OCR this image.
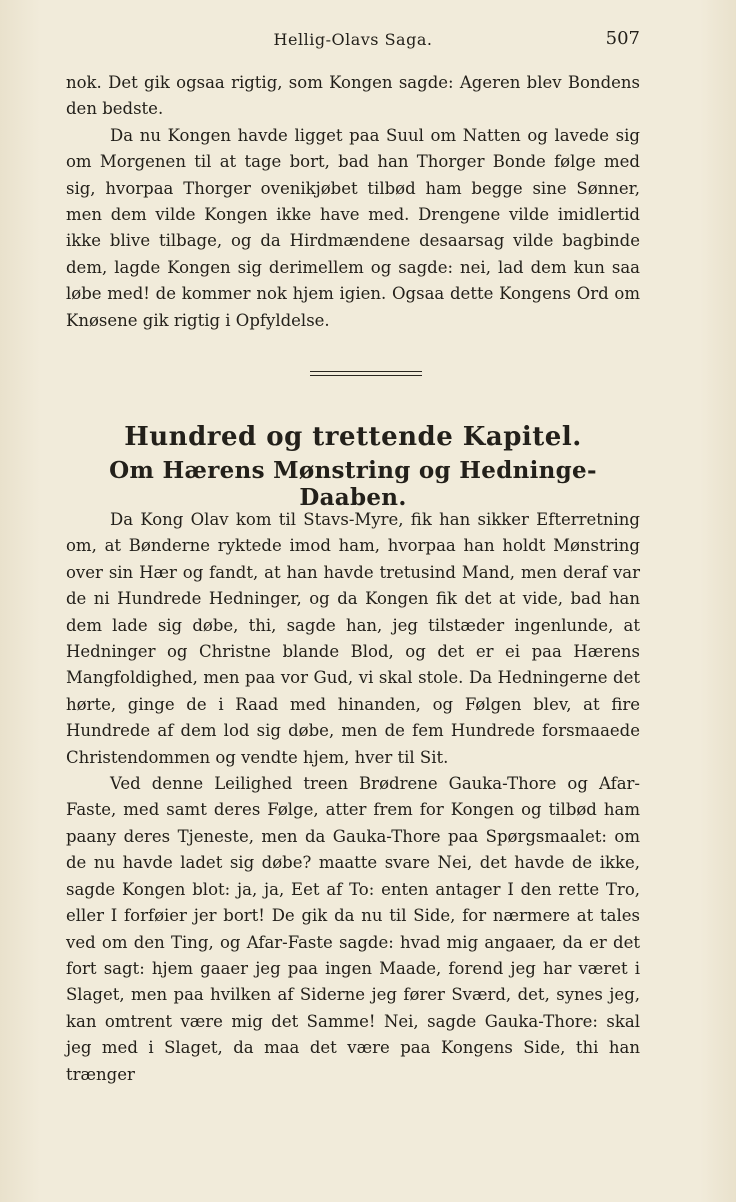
Hellig-Olavs Saga.	507

nok. Det gik ogsaa rigtig, som Kongen sagde: Ageren blev Bondens den bedste.

Da nu Kongen havde ligget paa Suul om Natten og lavede sig om Morgenen til at tage bort, bad han Thorger Bonde følge med sig, hvorpaa Thorger ovenikjøbet tilbød ham begge sine Sønner, men dem vilde Kongen ikke have med. Drengene vilde imidlertid ikke blive tilbage, og da Hirdmændene desaarsag vilde bagbinde dem, lagde Kongen sig derimellem og sagde: nei, lad dem kun saa løbe med! de kommer nok hjem igien. Ogsaa dette Kongens Ord om Knøsene gik rigtig i Opfyldelse.

Hundred og trettende Kapitel.
Om Hærens Mønstring og Hedninge-Daaben.

Da Kong Olav kom til Stavs-Myre, fik han sikker Efterretning om, at Bønderne ryktede imod ham, hvorpaa han holdt Mønstring over sin Hær og fandt, at han havde tretusind Mand, men deraf var de ni Hundrede Hedninger, og da Kongen fik det at vide, bad han dem lade sig døbe, thi, sagde han, jeg tilstæder ingenlunde, at Hedninger og Christne blande Blod, og det er ei paa Hærens Mangfoldighed, men paa vor Gud, vi skal stole. Da Hedningerne det hørte, ginge de i Raad med hinanden, og Følgen blev, at fire Hundrede af dem lod sig døbe, men de fem Hundrede forsmaaede Christendommen og vendte hjem, hver til Sit.

Ved denne Leilighed treen Brødrene Gauka-Thore og Afar-Faste, med samt deres Følge, atter frem for Kongen og tilbød ham paany deres Tjeneste, men da Gauka-Thore paa Spørgsmaalet: om de nu havde ladet sig døbe? maatte svare Nei, det havde de ikke, sagde Kongen blot: ja, ja, Eet af To: enten antager I den rette Tro, eller I forføier jer bort! De gik da nu til Side, for nærmere at tales ved om den Ting, og Afar-Faste sagde: hvad mig angaaer, da er det fort sagt: hjem gaaer jeg paa ingen Maade, forend jeg har været i Slaget, men paa hvilken af Siderne jeg fører Sværd, det, synes jeg, kan omtrent være mig det Samme! Nei, sagde Gauka-Thore: skal jeg med i Slaget, da maa det være paa Kongens Side, thi han trænger
